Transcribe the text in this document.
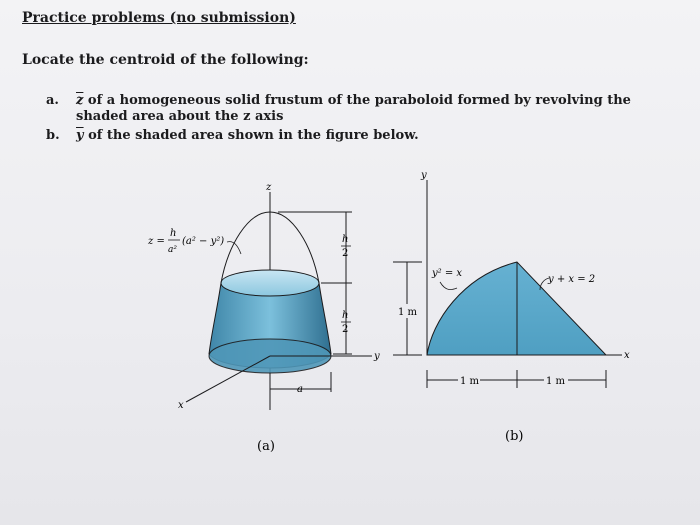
Practice problems (no submission)
Locate the centroid of the following:
a. $\overline{z}$ of a homogeneous solid frustum of the paraboloid formed by revolving the shaded area about the z axis
b. $\overline{y}$ of the shaded area shown in the figure below.
z
y
x
a
h
2
h
2
z =
h
a²
(a² − y²)
(a)
y
x
1 m
1 m	1 m
y² = x
y + x = 2
(b)
